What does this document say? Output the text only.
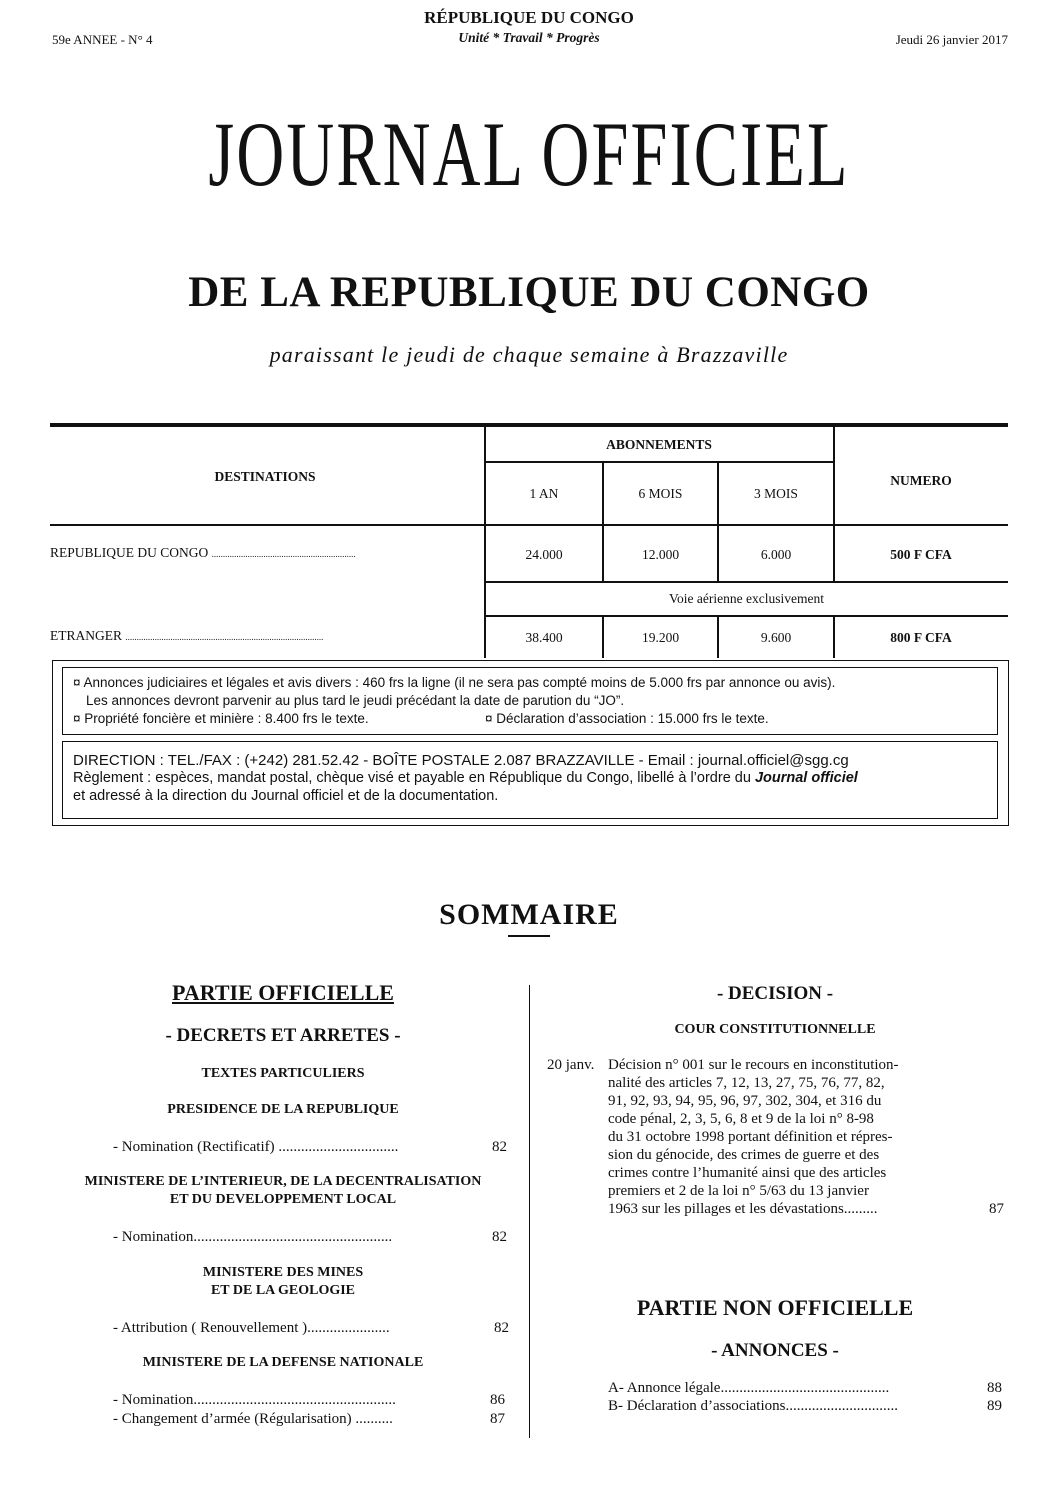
RÉPUBLIQUE DU CONGO
Unité * Travail * Progrès
59e ANNEE - N° 4	Jeudi 26 janvier 2017
JOURNAL OFFICIEL
DE LA REPUBLIQUE DU CONGO
paraissant le jeudi de chaque semaine à Brazzaville
DESTINATIONS
ABONNEMENTS
NUMERO
1 AN	6 MOIS	3 MOIS
REPUBLIQUE DU CONGO ................................................................	24.000	12.000	6.000	500 F CFA
Voie aérienne exclusivement
ETRANGER ........................................................................................	38.400	19.200	9.600	800 F CFA
¤ Annonces judiciaires et légales et avis divers : 460 frs la ligne (il ne sera pas compté moins de 5.000 frs par annonce ou avis).
Les annonces devront parvenir au plus tard le jeudi précédant la date de parution du “JO”.
¤ Propriété foncière et minière : 8.400 frs le texte.	¤ Déclaration d’association : 15.000 frs le texte.
DIRECTION : TEL./FAX : (+242) 281.52.42 - BOÎTE POSTALE 2.087 BRAZZAVILLE - Email : journal.officiel@sgg.cg
Règlement : espèces, mandat postal, chèque visé et payable en République du Congo, libellé à l’ordre du Journal officiel
et adressé à la direction du Journal officiel et de la documentation.
SOMMAIRE
PARTIE OFFICIELLE
- DECRETS ET ARRETES -
TEXTES PARTICULIERS
PRESIDENCE DE LA REPUBLIQUE
- Nomination (Rectificatif) ................................	82
MINISTERE DE L’INTERIEUR, DE LA DECENTRALISATION
ET DU DEVELOPPEMENT LOCAL
- Nomination.....................................................	82
MINISTERE DES MINES
ET DE LA GEOLOGIE
- Attribution ( Renouvellement )......................	82
MINISTERE DE LA DEFENSE NATIONALE
- Nomination......................................................	86
- Changement d’armée (Régularisation) ..........	87
- DECISION -
COUR CONSTITUTIONNELLE
20 janv. Décision n° 001 sur le recours en inconstitution-
nalité des articles 7, 12, 13, 27, 75, 76, 77, 82,
91, 92, 93, 94, 95, 96, 97, 302, 304, et 316 du
code pénal, 2, 3, 5, 6, 8 et 9 de la loi n° 8-98
du 31 octobre 1998 portant définition et répres-
sion du génocide, des crimes de guerre et des
crimes contre l’humanité ainsi que des articles
premiers et 2 de la loi n° 5/63 du 13 janvier
1963 sur les pillages et les dévastations.........	87
PARTIE NON OFFICIELLE
- ANNONCES -
A- Annonce légale.............................................	88
B- Déclaration d’associations..............................	89
